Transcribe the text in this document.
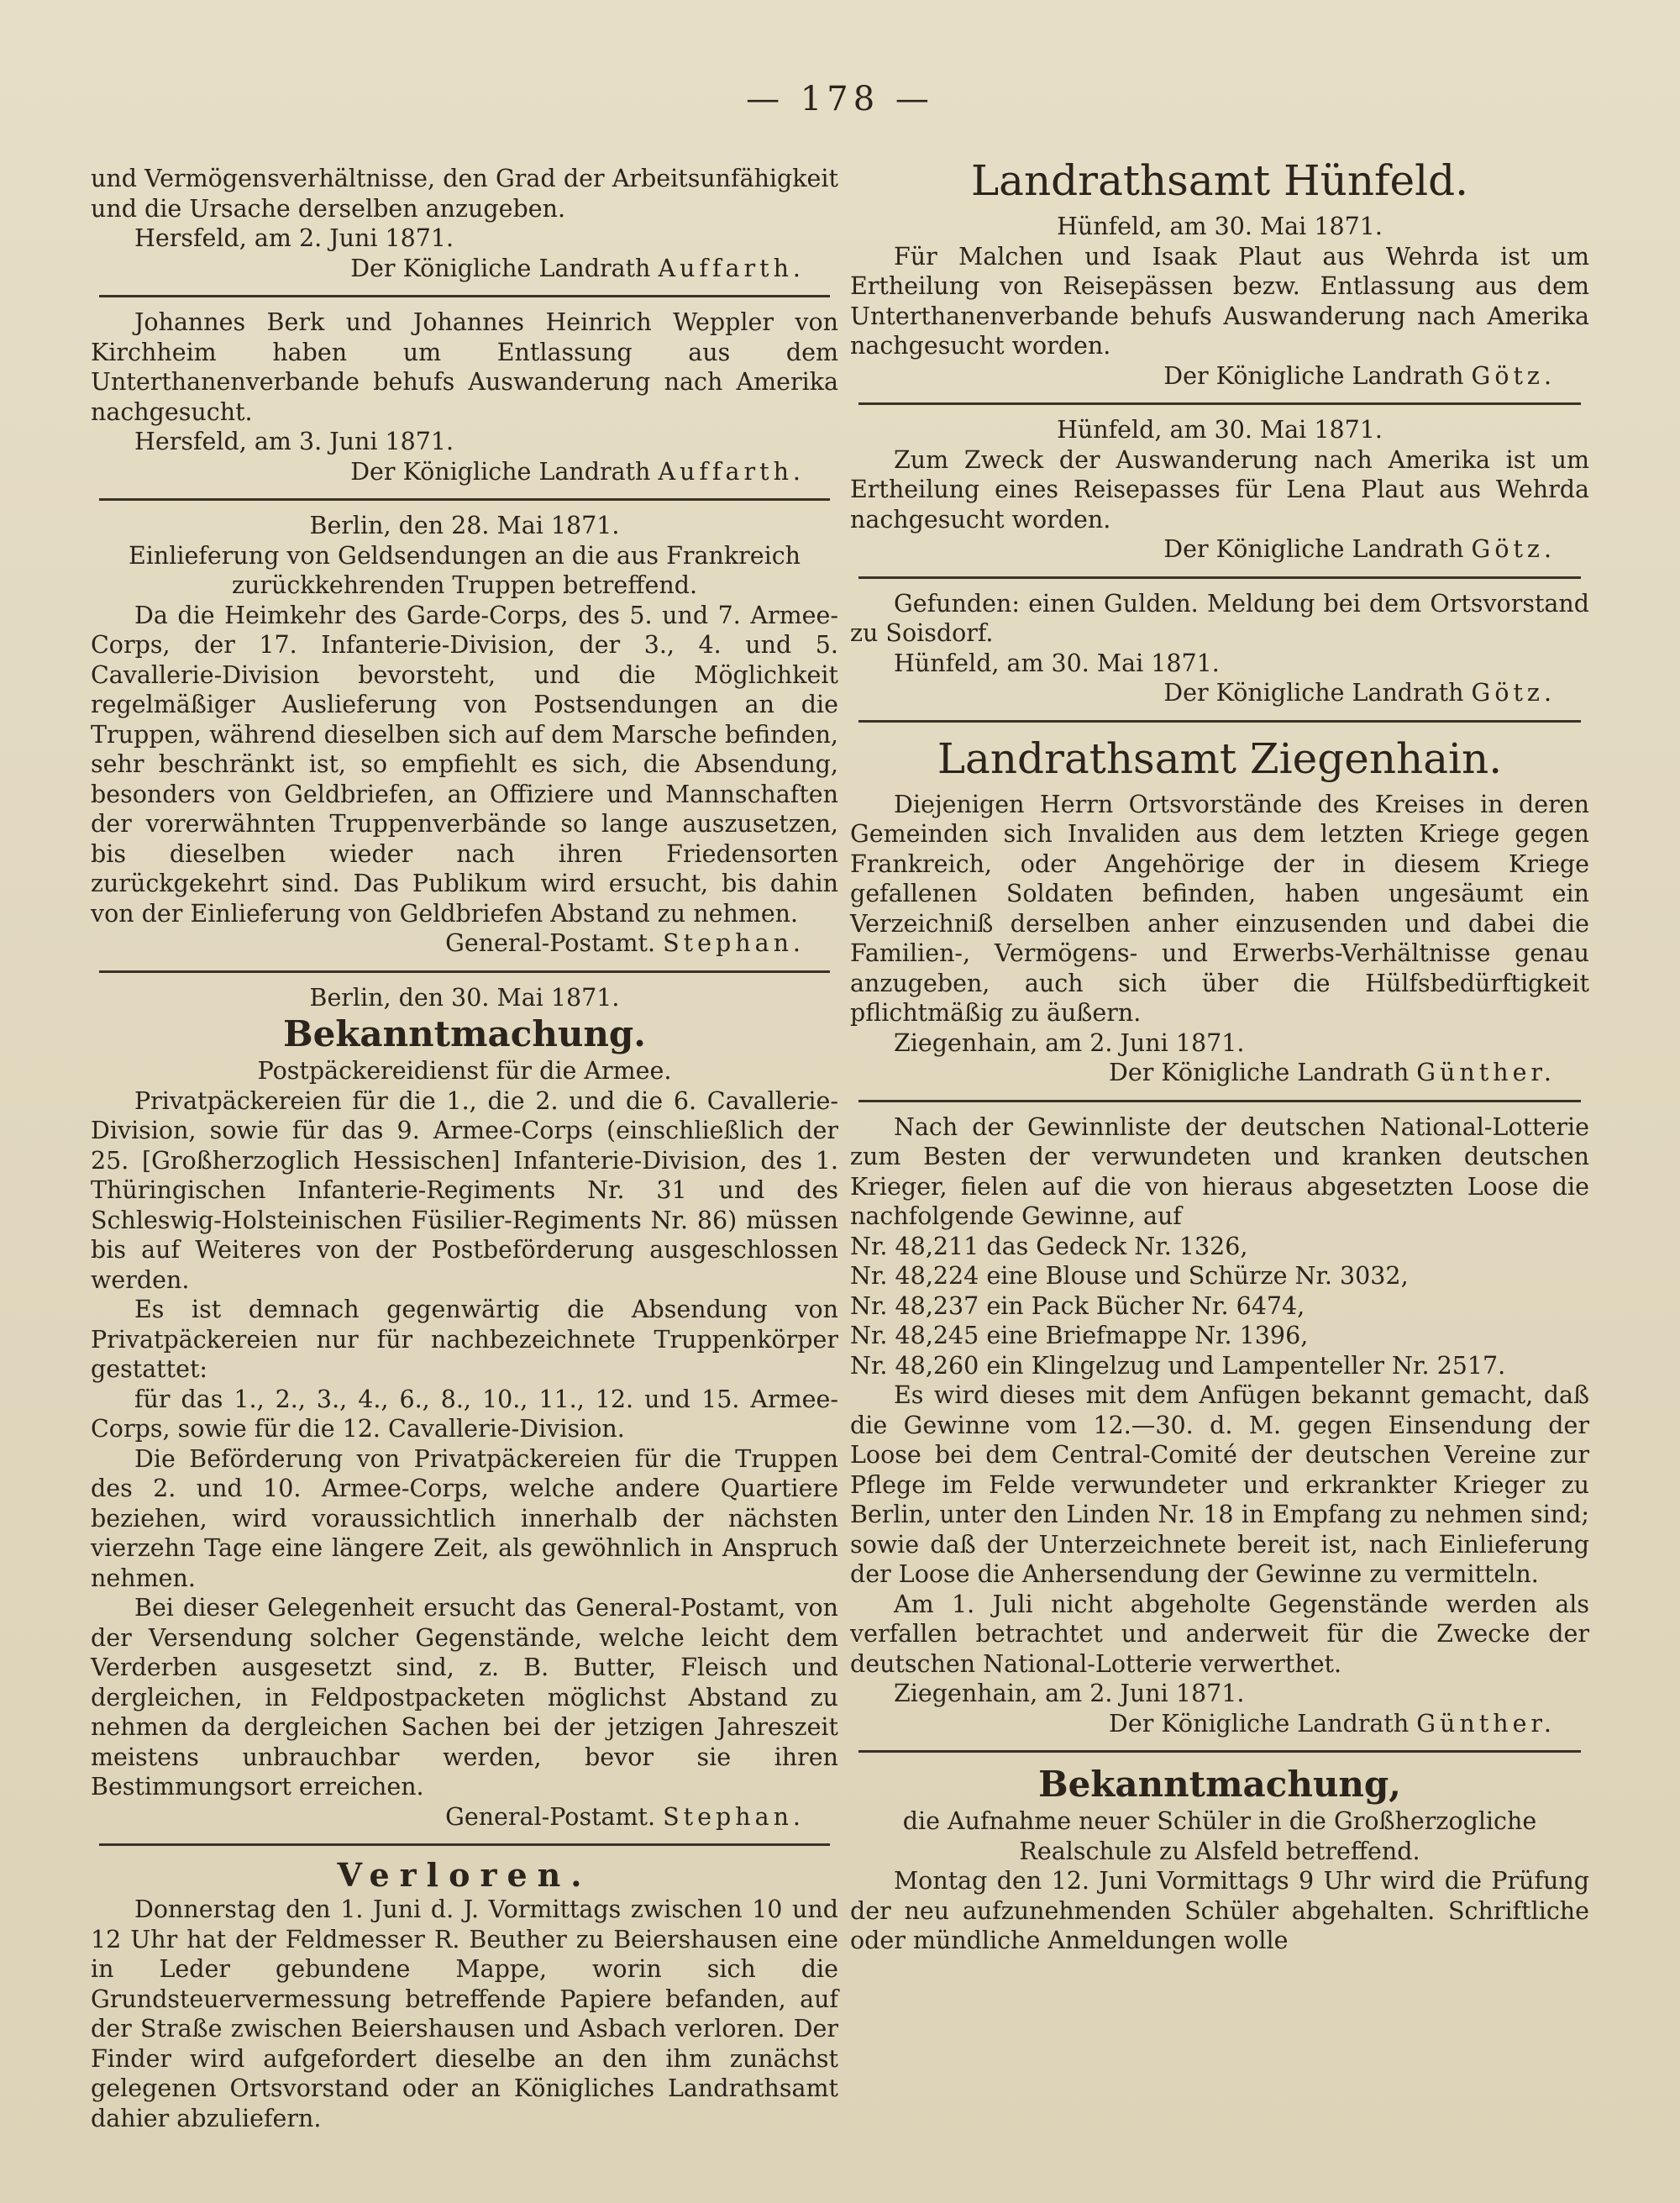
— 178 —

und Vermögensverhältnisse, den Grad der Arbeitsunfähigkeit und die Ursache derselben anzugeben.

Hersfeld, am 2. Juni 1871.

Der Königliche Landrath Auffarth.

Johannes Berk und Johannes Heinrich Weppler von Kirchheim haben um Entlassung aus dem Unterthanenverbande behufs Auswanderung nach Amerika nachgesucht.

Hersfeld, am 3. Juni 1871.

Der Königliche Landrath Auffarth.

Berlin, den 28. Mai 1871.

Einlieferung von Geldsendungen an die aus Frankreich zurückkehrenden Truppen betreffend.

Da die Heimkehr des Garde-Corps, des 5. und 7. Armee-Corps, der 17. Infanterie-Division, der 3., 4. und 5. Cavallerie-Division bevorsteht, und die Möglichkeit regelmäßiger Auslieferung von Postsendungen an die Truppen, während dieselben sich auf dem Marsche befinden, sehr beschränkt ist, so empfiehlt es sich, die Absendung, besonders von Geldbriefen, an Offiziere und Mannschaften der vorerwähnten Truppenverbände so lange auszusetzen, bis dieselben wieder nach ihren Friedensorten zurückgekehrt sind. Das Publikum wird ersucht, bis dahin von der Einlieferung von Geldbriefen Abstand zu nehmen.

General-Postamt. Stephan.

Berlin, den 30. Mai 1871.

Bekanntmachung.

Postpäckereidienst für die Armee.

Privatpäckereien für die 1., die 2. und die 6. Cavallerie-Division, sowie für das 9. Armee-Corps (einschließlich der 25. [Großherzoglich Hessischen] Infanterie-Division, des 1. Thüringischen Infanterie-Regiments Nr. 31 und des Schleswig-Holsteinischen Füsilier-Regiments Nr. 86) müssen bis auf Weiteres von der Postbeförderung ausgeschlossen werden.

Es ist demnach gegenwärtig die Absendung von Privatpäckereien nur für nachbezeichnete Truppenkörper gestattet:

für das 1., 2., 3., 4., 6., 8., 10., 11., 12. und 15. Armee-Corps, sowie für die 12. Cavallerie-Division.

Die Beförderung von Privatpäckereien für die Truppen des 2. und 10. Armee-Corps, welche andere Quartiere beziehen, wird voraussichtlich innerhalb der nächsten vierzehn Tage eine längere Zeit, als gewöhnlich in Anspruch nehmen.

Bei dieser Gelegenheit ersucht das General-Postamt, von der Versendung solcher Gegenstände, welche leicht dem Verderben ausgesetzt sind, z. B. Butter, Fleisch und dergleichen, in Feldpostpacketen möglichst Abstand zu nehmen da dergleichen Sachen bei der jetzigen Jahreszeit meistens unbrauchbar werden, bevor sie ihren Bestimmungsort erreichen.

General-Postamt. Stephan.

Verloren.

Donnerstag den 1. Juni d. J. Vormittags zwischen 10 und 12 Uhr hat der Feldmesser R. Beuther zu Beiershausen eine in Leder gebundene Mappe, worin sich die Grundsteuervermessung betreffende Papiere befanden, auf der Straße zwischen Beiershausen und Asbach verloren. Der Finder wird aufgefordert dieselbe an den ihm zunächst gelegenen Ortsvorstand oder an Königliches Landrathsamt dahier abzuliefern.

Landrathsamt Hünfeld.

Hünfeld, am 30. Mai 1871.

Für Malchen und Isaak Plaut aus Wehrda ist um Ertheilung von Reisepässen bezw. Entlassung aus dem Unterthanenverbande behufs Auswanderung nach Amerika nachgesucht worden.

Der Königliche Landrath Götz.

Hünfeld, am 30. Mai 1871.

Zum Zweck der Auswanderung nach Amerika ist um Ertheilung eines Reisepasses für Lena Plaut aus Wehrda nachgesucht worden.

Der Königliche Landrath Götz.

Gefunden: einen Gulden. Meldung bei dem Ortsvorstand zu Soisdorf.

Hünfeld, am 30. Mai 1871.

Der Königliche Landrath Götz.

Landrathsamt Ziegenhain.

Diejenigen Herrn Ortsvorstände des Kreises in deren Gemeinden sich Invaliden aus dem letzten Kriege gegen Frankreich, oder Angehörige der in diesem Kriege gefallenen Soldaten befinden, haben ungesäumt ein Verzeichniß derselben anher einzusenden und dabei die Familien-, Vermögens- und Erwerbs-Verhältnisse genau anzugeben, auch sich über die Hülfsbedürftigkeit pflichtmäßig zu äußern.

Ziegenhain, am 2. Juni 1871.

Der Königliche Landrath Günther.

Nach der Gewinnliste der deutschen National-Lotterie zum Besten der verwundeten und kranken deutschen Krieger, fielen auf die von hieraus abgesetzten Loose die nachfolgende Gewinne, auf

Nr. 48,211 das Gedeck Nr. 1326,

Nr. 48,224 eine Blouse und Schürze Nr. 3032,

Nr. 48,237 ein Pack Bücher Nr. 6474,

Nr. 48,245 eine Briefmappe Nr. 1396,

Nr. 48,260 ein Klingelzug und Lampenteller Nr. 2517.

Es wird dieses mit dem Anfügen bekannt gemacht, daß die Gewinne vom 12.—30. d. M. gegen Einsendung der Loose bei dem Central-Comité der deutschen Vereine zur Pflege im Felde verwundeter und erkrankter Krieger zu Berlin, unter den Linden Nr. 18 in Empfang zu nehmen sind; sowie daß der Unterzeichnete bereit ist, nach Einlieferung der Loose die Anhersendung der Gewinne zu vermitteln.

Am 1. Juli nicht abgeholte Gegenstände werden als verfallen betrachtet und anderweit für die Zwecke der deutschen National-Lotterie verwerthet.

Ziegenhain, am 2. Juni 1871.

Der Königliche Landrath Günther.

Bekanntmachung,

die Aufnahme neuer Schüler in die Großherzogliche Realschule zu Alsfeld betreffend.

Montag den 12. Juni Vormittags 9 Uhr wird die Prüfung der neu aufzunehmenden Schüler abgehalten. Schriftliche oder mündliche Anmeldungen wolle
